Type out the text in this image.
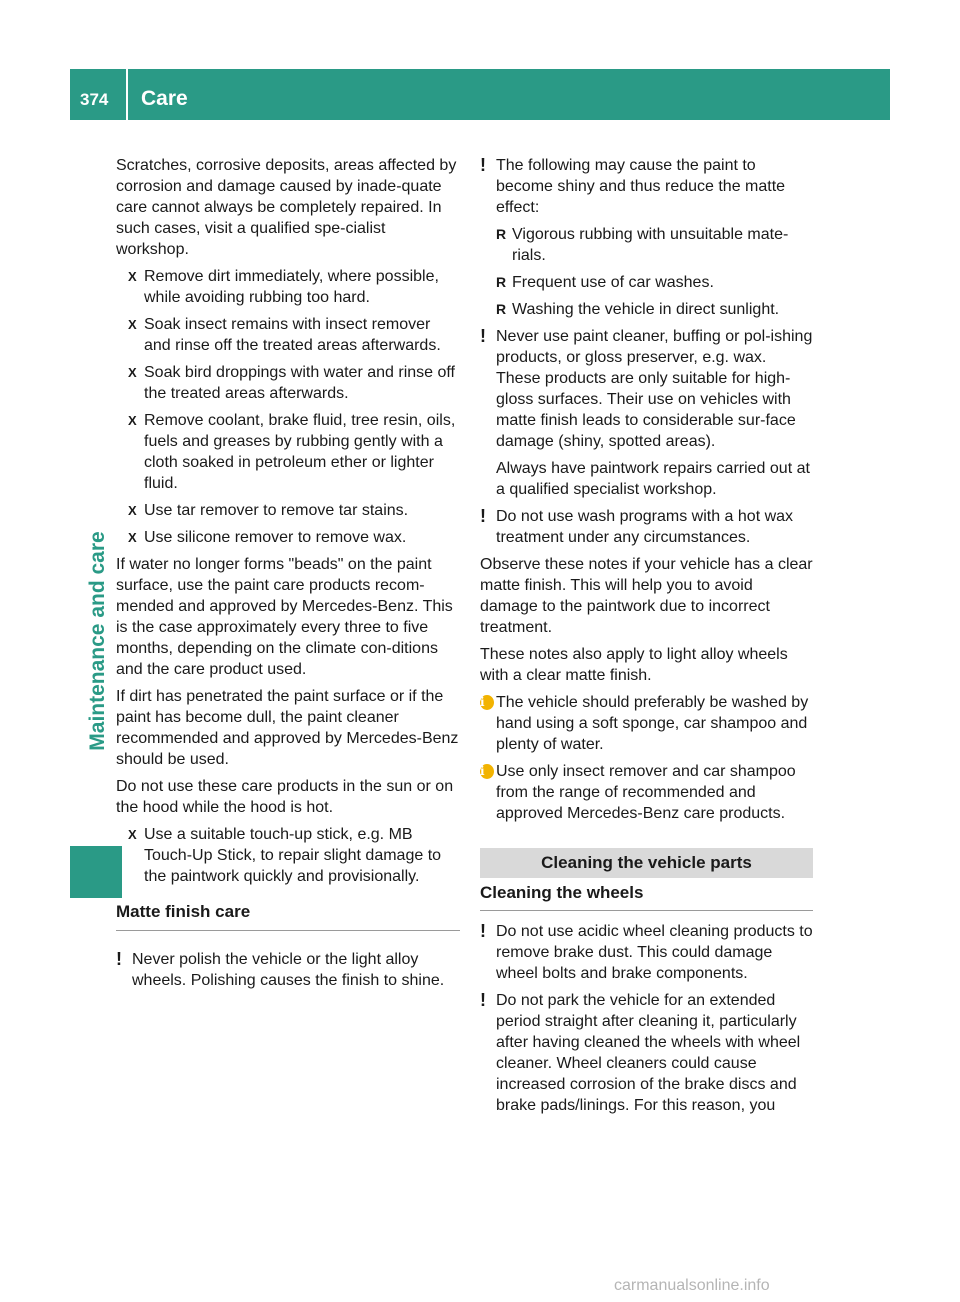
374 Care
Maintenance and care

Scratches, corrosive deposits, areas affected by corrosion and damage caused by inade-quate care cannot always be completely repaired. In such cases, visit a qualified spe-cialist workshop.

X Remove dirt immediately, where possible, while avoiding rubbing too hard.
X Soak insect remains with insect remover and rinse off the treated areas afterwards.
X Soak bird droppings with water and rinse off the treated areas afterwards.
X Remove coolant, brake fluid, tree resin, oils, fuels and greases by rubbing gently with a cloth soaked in petroleum ether or lighter fluid.
X Use tar remover to remove tar stains.
X Use silicone remover to remove wax.

If water no longer forms "beads" on the paint surface, use the paint care products recom-mended and approved by Mercedes-Benz. This is the case approximately every three to five months, depending on the climate con-ditions and the care product used.

If dirt has penetrated the paint surface or if the paint has become dull, the paint cleaner recommended and approved by Mercedes-Benz should be used.

Do not use these care products in the sun or on the hood while the hood is hot.

X Use a suitable touch-up stick, e.g. MB Touch-Up Stick, to repair slight damage to the paintwork quickly and provisionally.
Matte finish care
! Never polish the vehicle or the light alloy wheels. Polishing causes the finish to shine.
! The following may cause the paint to become shiny and thus reduce the matte effect:
R Vigorous rubbing with unsuitable mate-rials.
R Frequent use of car washes.
R Washing the vehicle in direct sunlight.
! Never use paint cleaner, buffing or pol-ishing products, or gloss preserver, e.g. wax. These products are only suitable for high-gloss surfaces. Their use on vehicles with matte finish leads to considerable sur-face damage (shiny, spotted areas).

Always have paintwork repairs carried out at a qualified specialist workshop.

! Do not use wash programs with a hot wax treatment under any circumstances.

Observe these notes if your vehicle has a clear matte finish. This will help you to avoid damage to the paintwork due to incorrect treatment.

These notes also apply to light alloy wheels with a clear matte finish.

i The vehicle should preferably be washed by hand using a soft sponge, car shampoo and plenty of water.
i Use only insect remover and car shampoo from the range of recommended and approved Mercedes-Benz care products.
Cleaning the vehicle parts
Cleaning the wheels
! Do not use acidic wheel cleaning products to remove brake dust. This could damage wheel bolts and brake components.
! Do not park the vehicle for an extended period straight after cleaning it, particularly after having cleaned the wheels with wheel cleaner. Wheel cleaners could cause increased corrosion of the brake discs and brake pads/linings. For this reason, you
carmanualsonline.info
